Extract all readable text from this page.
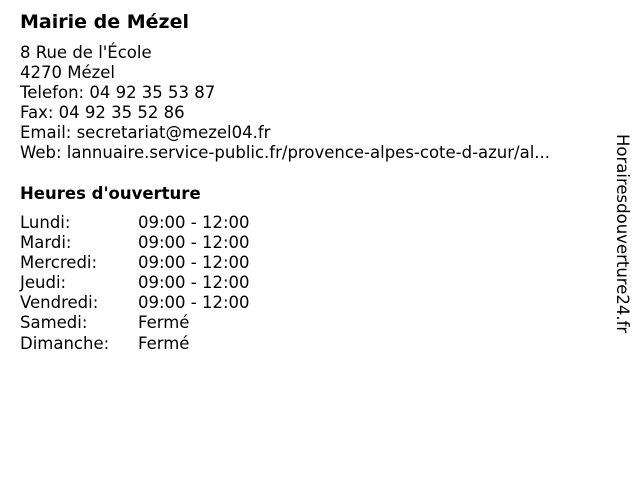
Mairie de Mézel
8 Rue de l'École
4270 Mézel
Telefon: 04 92 35 53 87
Fax: 04 92 35 52 86
Email: secretariat@mezel04.fr
Web: lannuaire.service-public.fr/provence-alpes-cote-d-azur/al...
Heures d'ouverture
Lundi:	09:00 - 12:00
Mardi:	09:00 - 12:00
Mercredi: 09:00 - 12:00
Jeudi:	09:00 - 12:00
Vendredi: 09:00 - 12:00
Samedi:	Fermé
Dimanche: Fermé
Horairesdouverture24.fr
